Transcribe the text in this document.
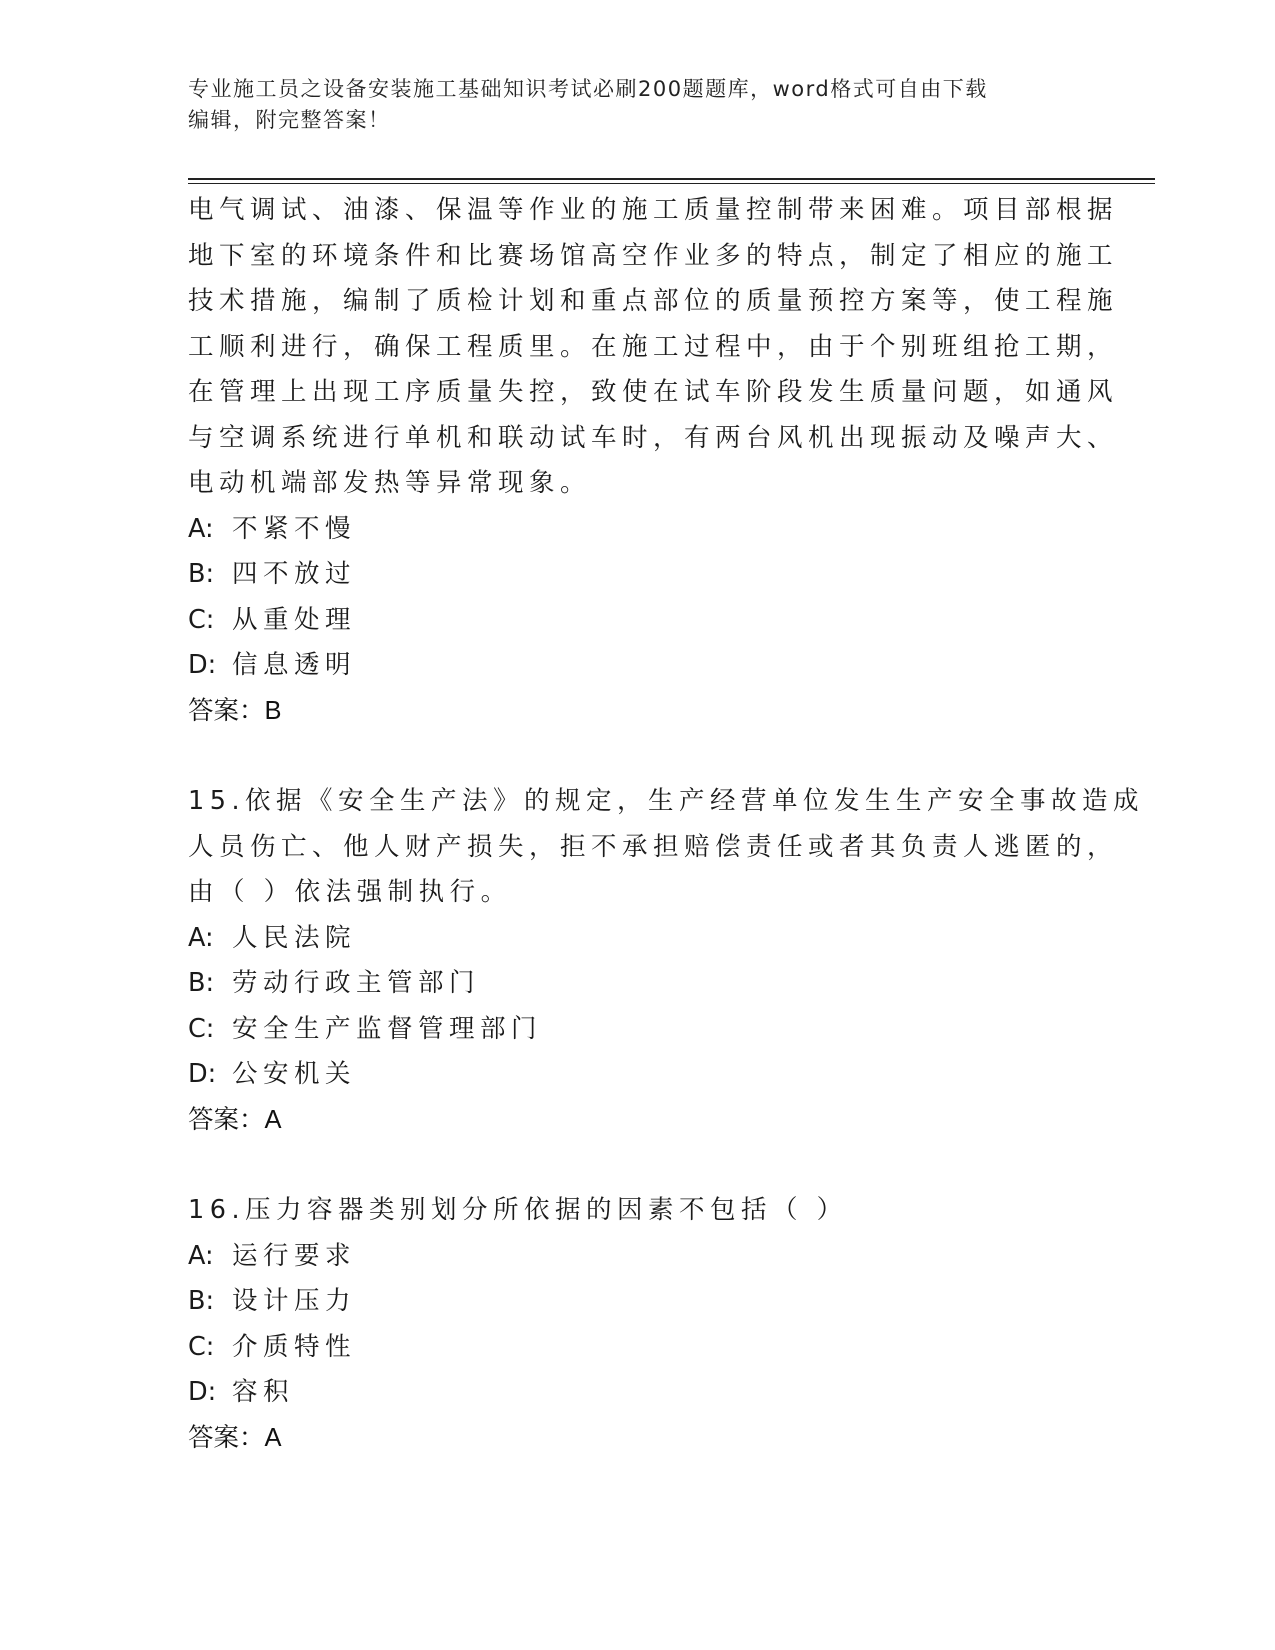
专业施工员之设备安装施工基础知识考试必刷200题题库，word格式可自由下载
编辑，附完整答案！
电气调试、油漆、保温等作业的施工质量控制带来困难。项目部根据
地下室的环境条件和比赛场馆高空作业多的特点，制定了相应的施工
技术措施，编制了质检计划和重点部位的质量预控方案等，使工程施
工顺利进行，确保工程质里。在施工过程中，由于个别班组抢工期，
在管理上出现工序质量失控，致使在试车阶段发生质量问题，如通风
与空调系统进行单机和联动试车时，有两台风机出现振动及噪声大、
电动机端部发热等异常现象。
A: 不紧不慢
B: 四不放过
C: 从重处理
D: 信息透明
答案：B
15.依据《安全生产法》的规定，生产经营单位发生生产安全事故造成
人员伤亡、他人财产损失，拒不承担赔偿责任或者其负责人逃匿的，
由（ ）依法强制执行。
A: 人民法院
B: 劳动行政主管部门
C: 安全生产监督管理部门
D: 公安机关
答案：A
16.压力容器类别划分所依据的因素不包括（ ）
A: 运行要求
B: 设计压力
C: 介质特性
D: 容积
答案：A
